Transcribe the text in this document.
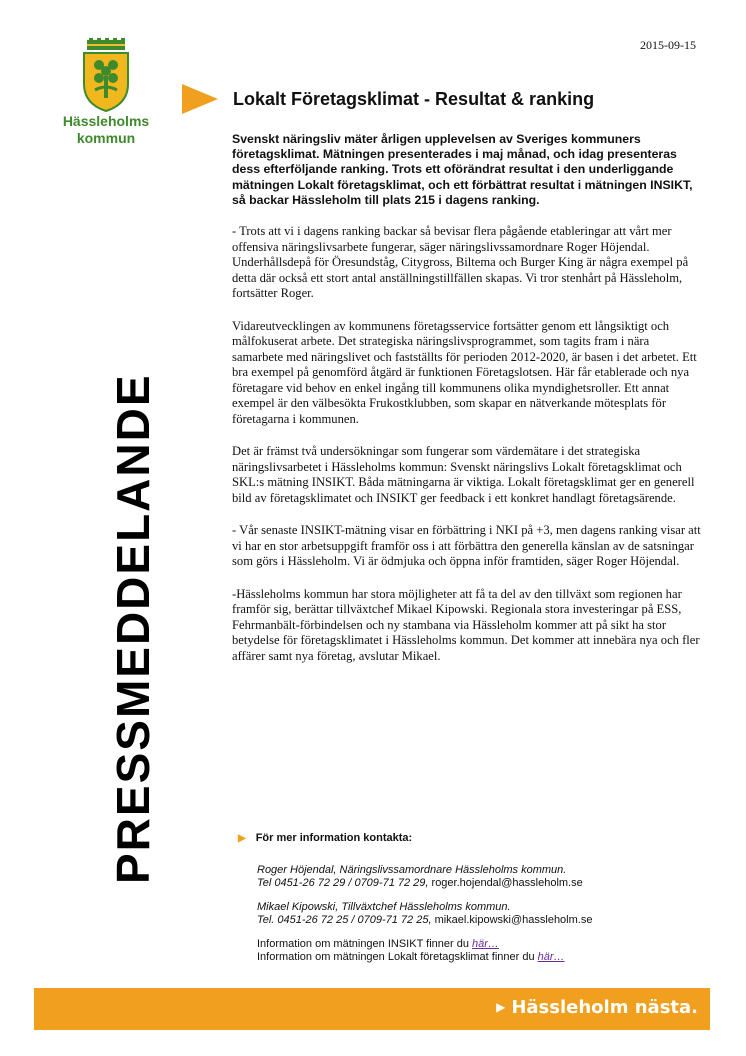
2015-09-15
Hässleholms
kommun
PRESSMEDDELANDE
Lokalt Företagsklimat - Resultat & ranking

Svenskt näringsliv mäter årligen upplevelsen av Sveriges kommuners företagsklimat. Mätningen presenterades i maj månad, och idag presenteras dess efterföljande ranking. Trots ett oförändrat resultat i den underliggande mätningen Lokalt företagsklimat, och ett förbättrat resultat i mätningen INSIKT, så backar Hässleholm till plats 215 i dagens ranking.

- Trots att vi i dagens ranking backar så bevisar flera pågående etableringar att vårt mer offensiva näringslivsarbete fungerar, säger näringslivssamordnare Roger Höjendal. Underhållsdepå för Öresundståg, Citygross, Biltema och Burger King är några exempel på detta där också ett stort antal anställningstillfällen skapas. Vi tror stenhårt på Hässleholm, fortsätter Roger.

Vidareutvecklingen av kommunens företagsservice fortsätter genom ett långsiktigt och målfokuserat arbete. Det strategiska näringslivsprogrammet, som tagits fram i nära samarbete med näringslivet och fastställts för perioden 2012-2020, är basen i det arbetet. Ett bra exempel på genomförd åtgärd är funktionen Företagslotsen. Här får etablerade och nya företagare vid behov en enkel ingång till kommunens olika myndighetsroller. Ett annat exempel är den välbesökta Frukostklubben, som skapar en nätverkande mötesplats för företagarna i kommunen.

Det är främst två undersökningar som fungerar som värdemätare i det strategiska näringslivsarbetet i Hässleholms kommun: Svenskt näringslivs Lokalt företagsklimat och SKL:s mätning INSIKT. Båda mätningarna är viktiga. Lokalt företagsklimat ger en generell bild av företagsklimatet och INSIKT ger feedback i ett konkret handlagt företagsärende.

- Vår senaste INSIKT-mätning visar en förbättring i NKI på +3, men dagens ranking visar att vi har en stor arbetsuppgift framför oss i att förbättra den generella känslan av de satsningar som görs i Hässleholm. Vi är ödmjuka och öppna inför framtiden, säger Roger Höjendal.

-Hässleholms kommun har stora möjligheter att få ta del av den tillväxt som regionen har framför sig, berättar tillväxtchef Mikael Kipowski. Regionala stora investeringar på ESS, Fehrmanbält-förbindelsen och ny stambana via Hässleholm kommer att på sikt ha stor betydelse för företagsklimatet i Hässleholms kommun. Det kommer att innebära nya och fler affärer samt nya företag, avslutar Mikael.

▶ För mer information kontakta:
Roger Höjendal, Näringslivssamordnare Hässleholms kommun.
Tel 0451-26 72 29 / 0709-71 72 29, roger.hojendal@hassleholm.se
Mikael Kipowski, Tillväxtchef Hässleholms kommun.
Tel. 0451-26 72 25 / 0709-71 72 25, mikael.kipowski@hassleholm.se
Information om mätningen INSIKT finner du här…
Information om mätningen Lokalt företagsklimat finner du här…
▶ Hässleholm nästa.
